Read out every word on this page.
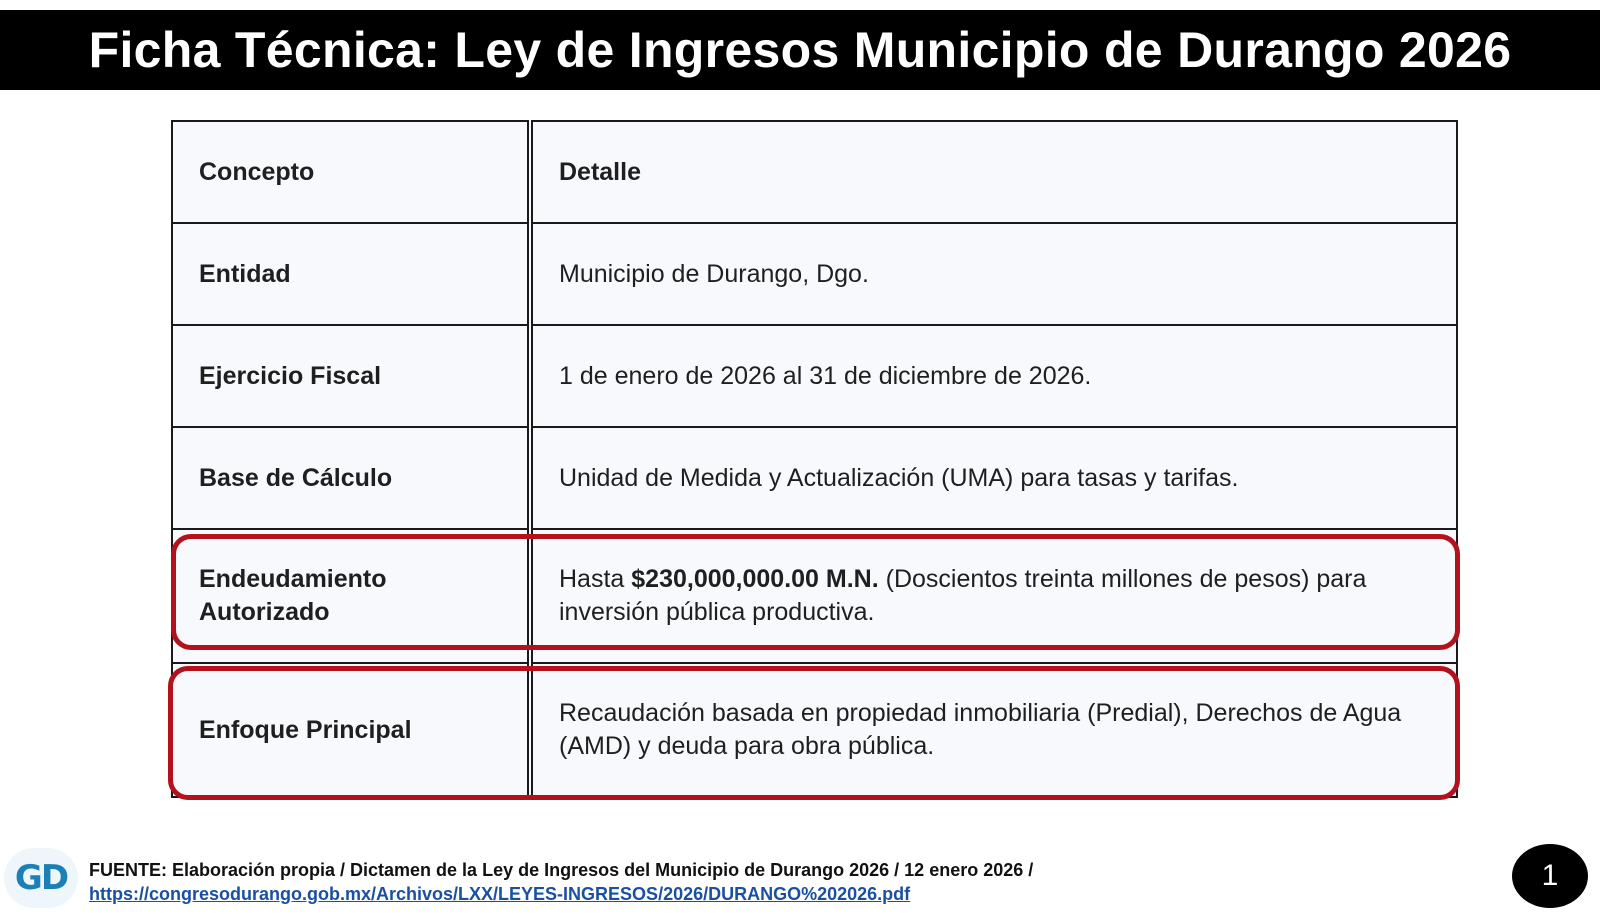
Ficha Técnica: Ley de Ingresos Municipio de Durango 2026
Concepto	Detalle
Entidad	Municipio de Durango, Dgo.
Ejercicio Fiscal	1 de enero de 2026 al 31 de diciembre de 2026.
Base de Cálculo	Unidad de Medida y Actualización (UMA) para tasas y tarifas.
Endeudamiento Autorizado	Hasta $230,000,000.00 M.N. (Doscientos treinta millones de pesos) para inversión pública productiva.
Enfoque Principal	Recaudación basada en propiedad inmobiliaria (Predial), Derechos de Agua (AMD) y deuda para obra pública.
GD FUENTE: Elaboración propia / Dictamen de la Ley de Ingresos del Municipio de Durango 2026 / 12 enero 2026 /
https://congresodurango.gob.mx/Archivos/LXX/LEYES-INGRESOS/2026/DURANGO%202026.pdf
1
